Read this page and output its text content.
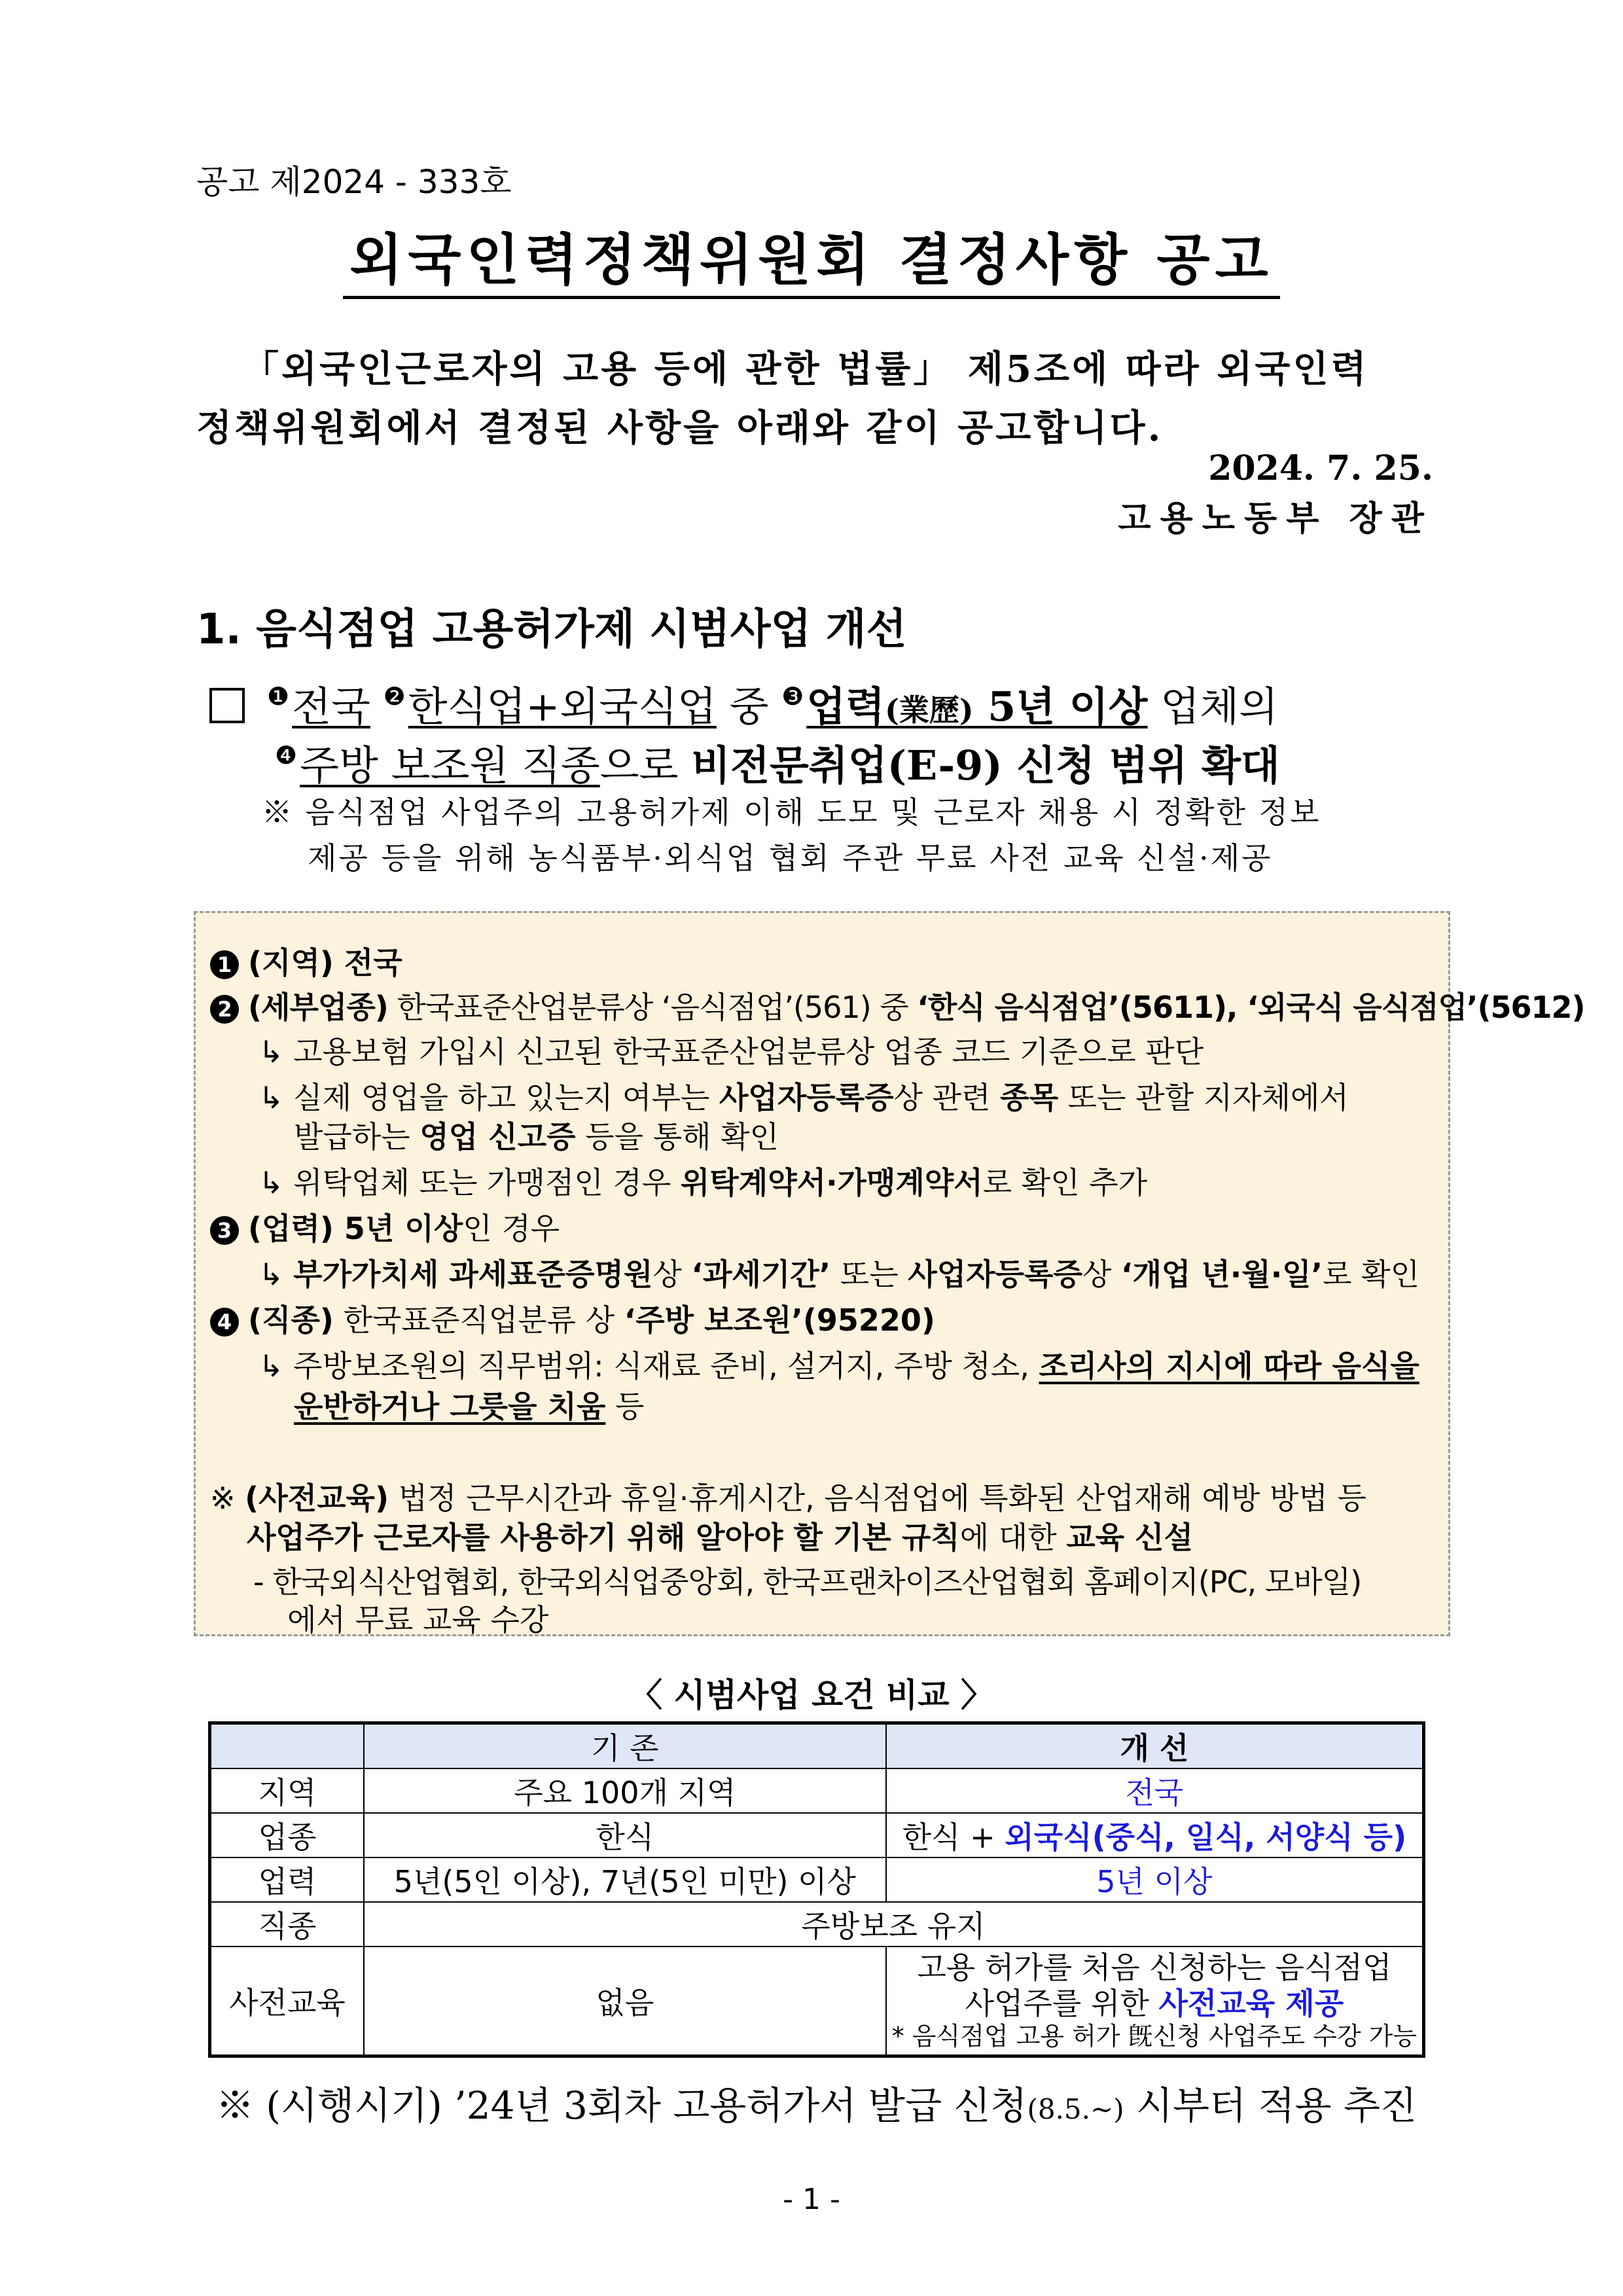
공고 제2024 - 333호
외국인력정책위원회 결정사항 공고
「외국인근로자의 고용 등에 관한 법률」 제5조에 따라 외국인력
정책위원회에서 결정된 사항을 아래와 같이 공고합니다.
2024. 7. 25.
고용노동부 장관
1. 음식점업 고용허가제 시범사업 개선
$^❶$전국 $^❷$한식업+외국식업 중 $^❸$업력(業歷) 5년 이상 업체의
$^❹$주방 보조원 직종으로 비전문취업(E-9) 신청 범위 확대
※ 음식점업 사업주의 고용허가제 이해 도모 및 근로자 채용 시 정확한 정보
제공 등을 위해 농식품부·외식업 협회 주관 무료 사전 교육 신설·제공
1 (지역) 전국
2 (세부업종) 한국표준산업분류상 ‘음식점업’(561) 중 ‘한식 음식점업’(5611), ‘외국식 음식점업’(5612)
↳ 고용보험 가입시 신고된 한국표준산업분류상 업종 코드 기준으로 판단
↳ 실제 영업을 하고 있는지 여부는 사업자등록증상 관련 종목 또는 관할 지자체에서
발급하는 영업 신고증 등을 통해 확인
↳ 위탁업체 또는 가맹점인 경우 위탁계약서·가맹계약서로 확인 추가
3 (업력) 5년 이상인 경우
↳ 부가가치세 과세표준증명원상 ‘과세기간’ 또는 사업자등록증상 ‘개업 년·월·일’로 확인
4 (직종) 한국표준직업분류 상 ‘주방 보조원’(95220)
↳ 주방보조원의 직무범위: 식재료 준비, 설거지, 주방 청소, 조리사의 지시에 따라 음식을
운반하거나 그릇을 치움 등
※ (사전교육) 법정 근무시간과 휴일·휴게시간, 음식점업에 특화된 산업재해 예방 방법 등
사업주가 근로자를 사용하기 위해 알아야 할 기본 규칙에 대한 교육 신설
- 한국외식산업협회, 한국외식업중앙회, 한국프랜차이즈산업협회 홈페이지(PC, 모바일)
에서 무료 교육 수강
〈 시범사업 요건 비교 〉
	기 존	개 선
지역	주요 100개 지역	전국
업종	한식	한식 + 외국식(중식, 일식, 서양식 등)
업력	5년(5인 이상), 7년(5인 미만) 이상	5년 이상
직종	주방보조 유지	
사전교육	없음	고용 허가를 처음 신청하는 음식점업
사업주를 위한 사전교육 제공
* 음식점업 고용 허가 旣신청 사업주도 수강 가능
※ (시행시기) ’24년 3회차 고용허가서 발급 신청(8.5.~) 시부터 적용 추진
- 1 -
